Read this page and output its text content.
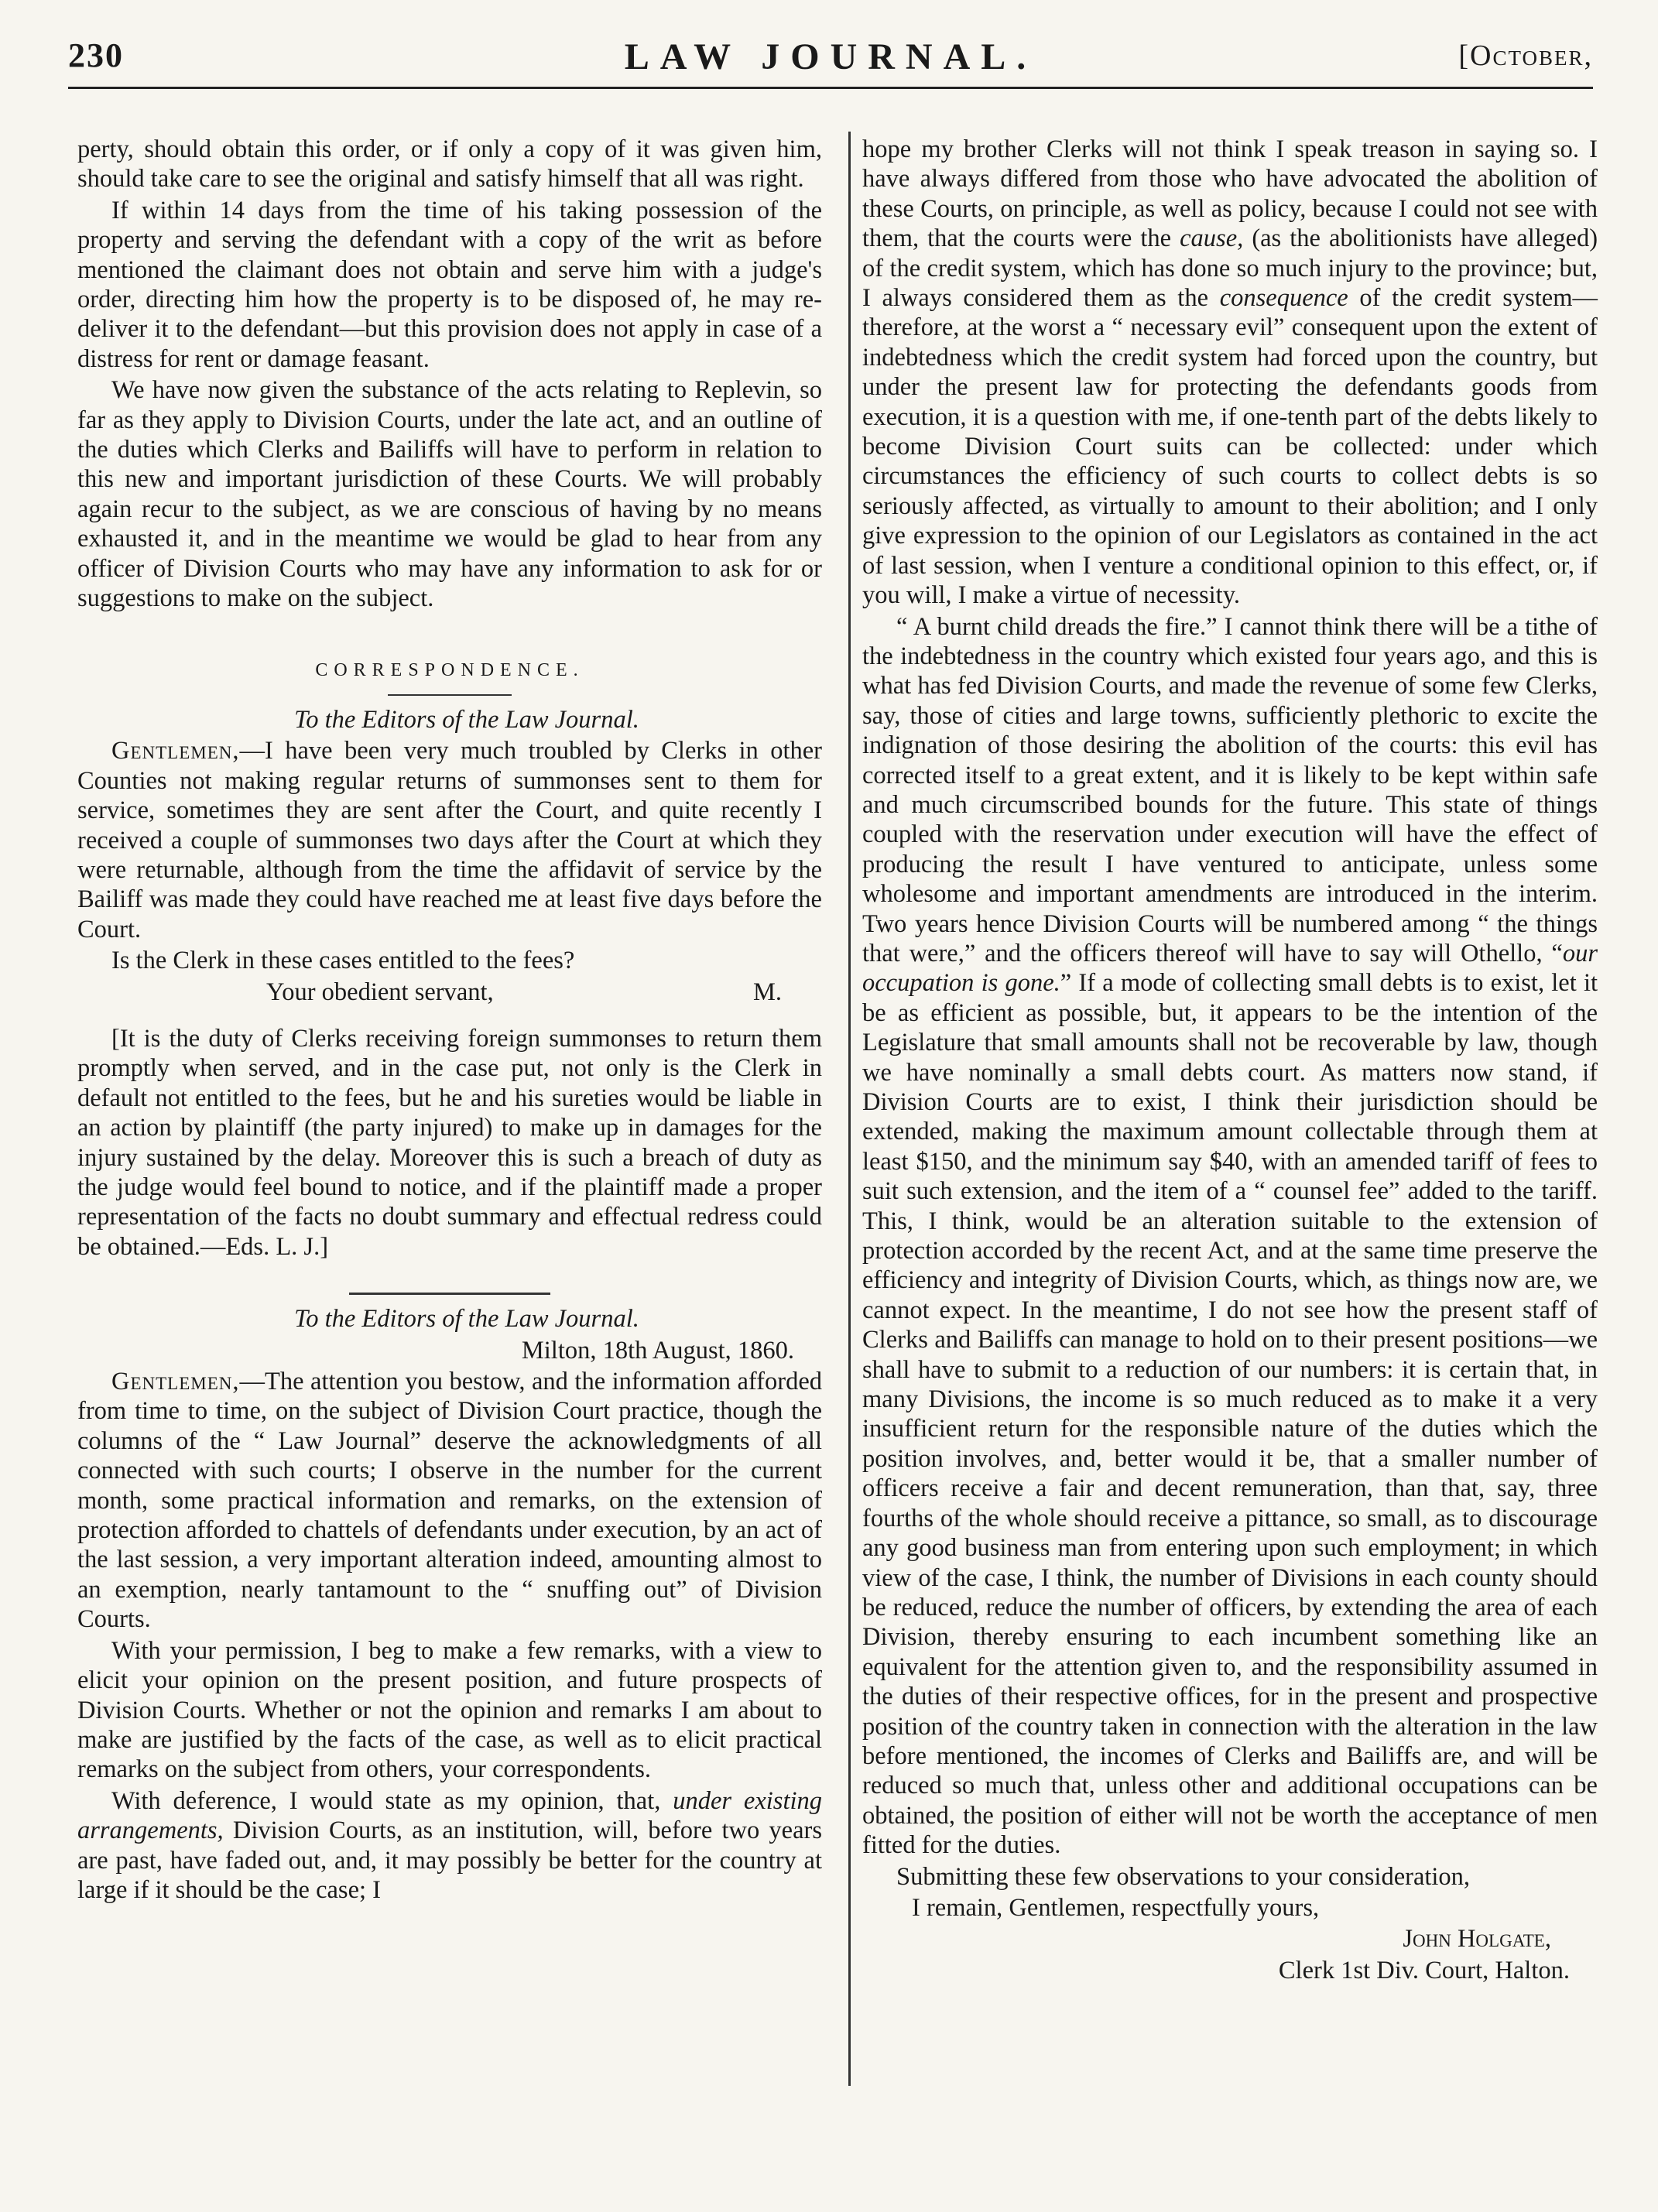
230	LAW JOURNAL.	[October,

perty, should obtain this order, or if only a copy of it was given him, should take care to see the original and satisfy himself that all was right.

If within 14 days from the time of his taking possession of the property and serving the defendant with a copy of the writ as before mentioned the claimant does not obtain and serve him with a judge's order, directing him how the property is to be disposed of, he may re-deliver it to the defendant—but this provision does not apply in case of a distress for rent or damage feasant.

We have now given the substance of the acts relating to Replevin, so far as they apply to Division Courts, under the late act, and an outline of the duties which Clerks and Bailiffs will have to perform in relation to this new and important jurisdiction of these Courts. We will probably again recur to the subject, as we are conscious of having by no means exhausted it, and in the meantime we would be glad to hear from any officer of Division Courts who may have any information to ask for or suggestions to make on the subject.

CORRESPONDENCE.

To the Editors of the Law Journal.

Gentlemen,—I have been very much troubled by Clerks in other Counties not making regular returns of summonses sent to them for service, sometimes they are sent after the Court, and quite recently I received a couple of summonses two days after the Court at which they were returnable, although from the time the affidavit of service by the Bailiff was made they could have reached me at least five days before the Court.

Is the Clerk in these cases entitled to the fees?

Your obedient servant,	M.

[It is the duty of Clerks receiving foreign summonses to return them promptly when served, and in the case put, not only is the Clerk in default not entitled to the fees, but he and his sureties would be liable in an action by plaintiff (the party injured) to make up in damages for the injury sustained by the delay. Moreover this is such a breach of duty as the judge would feel bound to notice, and if the plaintiff made a proper representation of the facts no doubt summary and effectual redress could be obtained.—Eds. L. J.]

To the Editors of the Law Journal.

Milton, 18th August, 1860.

Gentlemen,—The attention you bestow, and the information afforded from time to time, on the subject of Division Court practice, though the columns of the “ Law Journal” deserve the acknowledgments of all connected with such courts; I observe in the number for the current month, some practical information and remarks, on the extension of protection afforded to chattels of defendants under execution, by an act of the last session, a very important alteration indeed, amounting almost to an exemption, nearly tantamount to the “ snuffing out” of Division Courts.

With your permission, I beg to make a few remarks, with a view to elicit your opinion on the present position, and future prospects of Division Courts. Whether or not the opinion and remarks I am about to make are justified by the facts of the case, as well as to elicit practical remarks on the subject from others, your correspondents.

With deference, I would state as my opinion, that, under existing arrangements, Division Courts, as an institution, will, before two years are past, have faded out, and, it may possibly be better for the country at large if it should be the case; I

hope my brother Clerks will not think I speak treason in saying so. I have always differed from those who have advocated the abolition of these Courts, on principle, as well as policy, because I could not see with them, that the courts were the cause, (as the abolitionists have alleged) of the credit system, which has done so much injury to the province; but, I always considered them as the consequence of the credit system—therefore, at the worst a “ necessary evil” consequent upon the extent of indebtedness which the credit system had forced upon the country, but under the present law for protecting the defendants goods from execution, it is a question with me, if one-tenth part of the debts likely to become Division Court suits can be collected: under which circumstances the efficiency of such courts to collect debts is so seriously affected, as virtually to amount to their abolition; and I only give expression to the opinion of our Legislators as contained in the act of last session, when I venture a conditional opinion to this effect, or, if you will, I make a virtue of necessity.

“ A burnt child dreads the fire.” I cannot think there will be a tithe of the indebtedness in the country which existed four years ago, and this is what has fed Division Courts, and made the revenue of some few Clerks, say, those of cities and large towns, sufficiently plethoric to excite the indignation of those desiring the abolition of the courts: this evil has corrected itself to a great extent, and it is likely to be kept within safe and much circumscribed bounds for the future. This state of things coupled with the reservation under execution will have the effect of producing the result I have ventured to anticipate, unless some wholesome and important amendments are introduced in the interim. Two years hence Division Courts will be numbered among “ the things that were,” and the officers thereof will have to say will Othello, “our occupation is gone.” If a mode of collecting small debts is to exist, let it be as efficient as possible, but, it appears to be the intention of the Legislature that small amounts shall not be recoverable by law, though we have nominally a small debts court. As matters now stand, if Division Courts are to exist, I think their jurisdiction should be extended, making the maximum amount collectable through them at least $150, and the minimum say $40, with an amended tariff of fees to suit such extension, and the item of a “ counsel fee” added to the tariff. This, I think, would be an alteration suitable to the extension of protection accorded by the recent Act, and at the same time preserve the efficiency and integrity of Division Courts, which, as things now are, we cannot expect. In the meantime, I do not see how the present staff of Clerks and Bailiffs can manage to hold on to their present positions—we shall have to submit to a reduction of our numbers: it is certain that, in many Divisions, the income is so much reduced as to make it a very insufficient return for the responsible nature of the duties which the position involves, and, better would it be, that a smaller number of officers receive a fair and decent remuneration, than that, say, three fourths of the whole should receive a pittance, so small, as to discourage any good business man from entering upon such employment; in which view of the case, I think, the number of Divisions in each county should be reduced, reduce the number of officers, by extending the area of each Division, thereby ensuring to each incumbent something like an equivalent for the attention given to, and the responsibility assumed in the duties of their respective offices, for in the present and prospective position of the country taken in connection with the alteration in the law before mentioned, the incomes of Clerks and Bailiffs are, and will be reduced so much that, unless other and additional occupations can be obtained, the position of either will not be worth the acceptance of men fitted for the duties.

Submitting these few observations to your consideration,

I remain, Gentlemen, respectfully yours,

John Holgate,

Clerk 1st Div. Court, Halton.
